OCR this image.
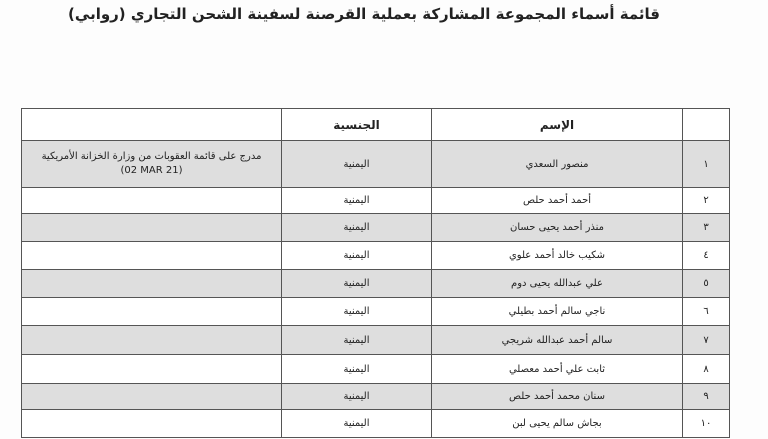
قائمة أسماء المجموعة المشاركة بعملية القرصنة لسفينة الشحن التجاري (روابي)
	الإسم	الجنسية	
١	منصور السعدي	اليمنية	مدرج على قائمة العقوبات من وزارة الخزانة الأمريكية
(02 MAR 21)

٢	أحمد أحمد حلص	اليمنية	
٣	منذر أحمد يحيى حسان	اليمنية	
٤	شكيب خالد أحمد علوي	اليمنية	
٥	علي عبدالله يحيى دوم	اليمنية	
٦	ناجي سالم أحمد بطيلي	اليمنية	
٧	سالم أحمد عبدالله شريجي	اليمنية	
٨	ثابت علي أحمد معصلي	اليمنية	
٩	سنان محمد أحمد حلص	اليمنية	
١٠	بجاش سالم يحيى لبن	اليمنية	
